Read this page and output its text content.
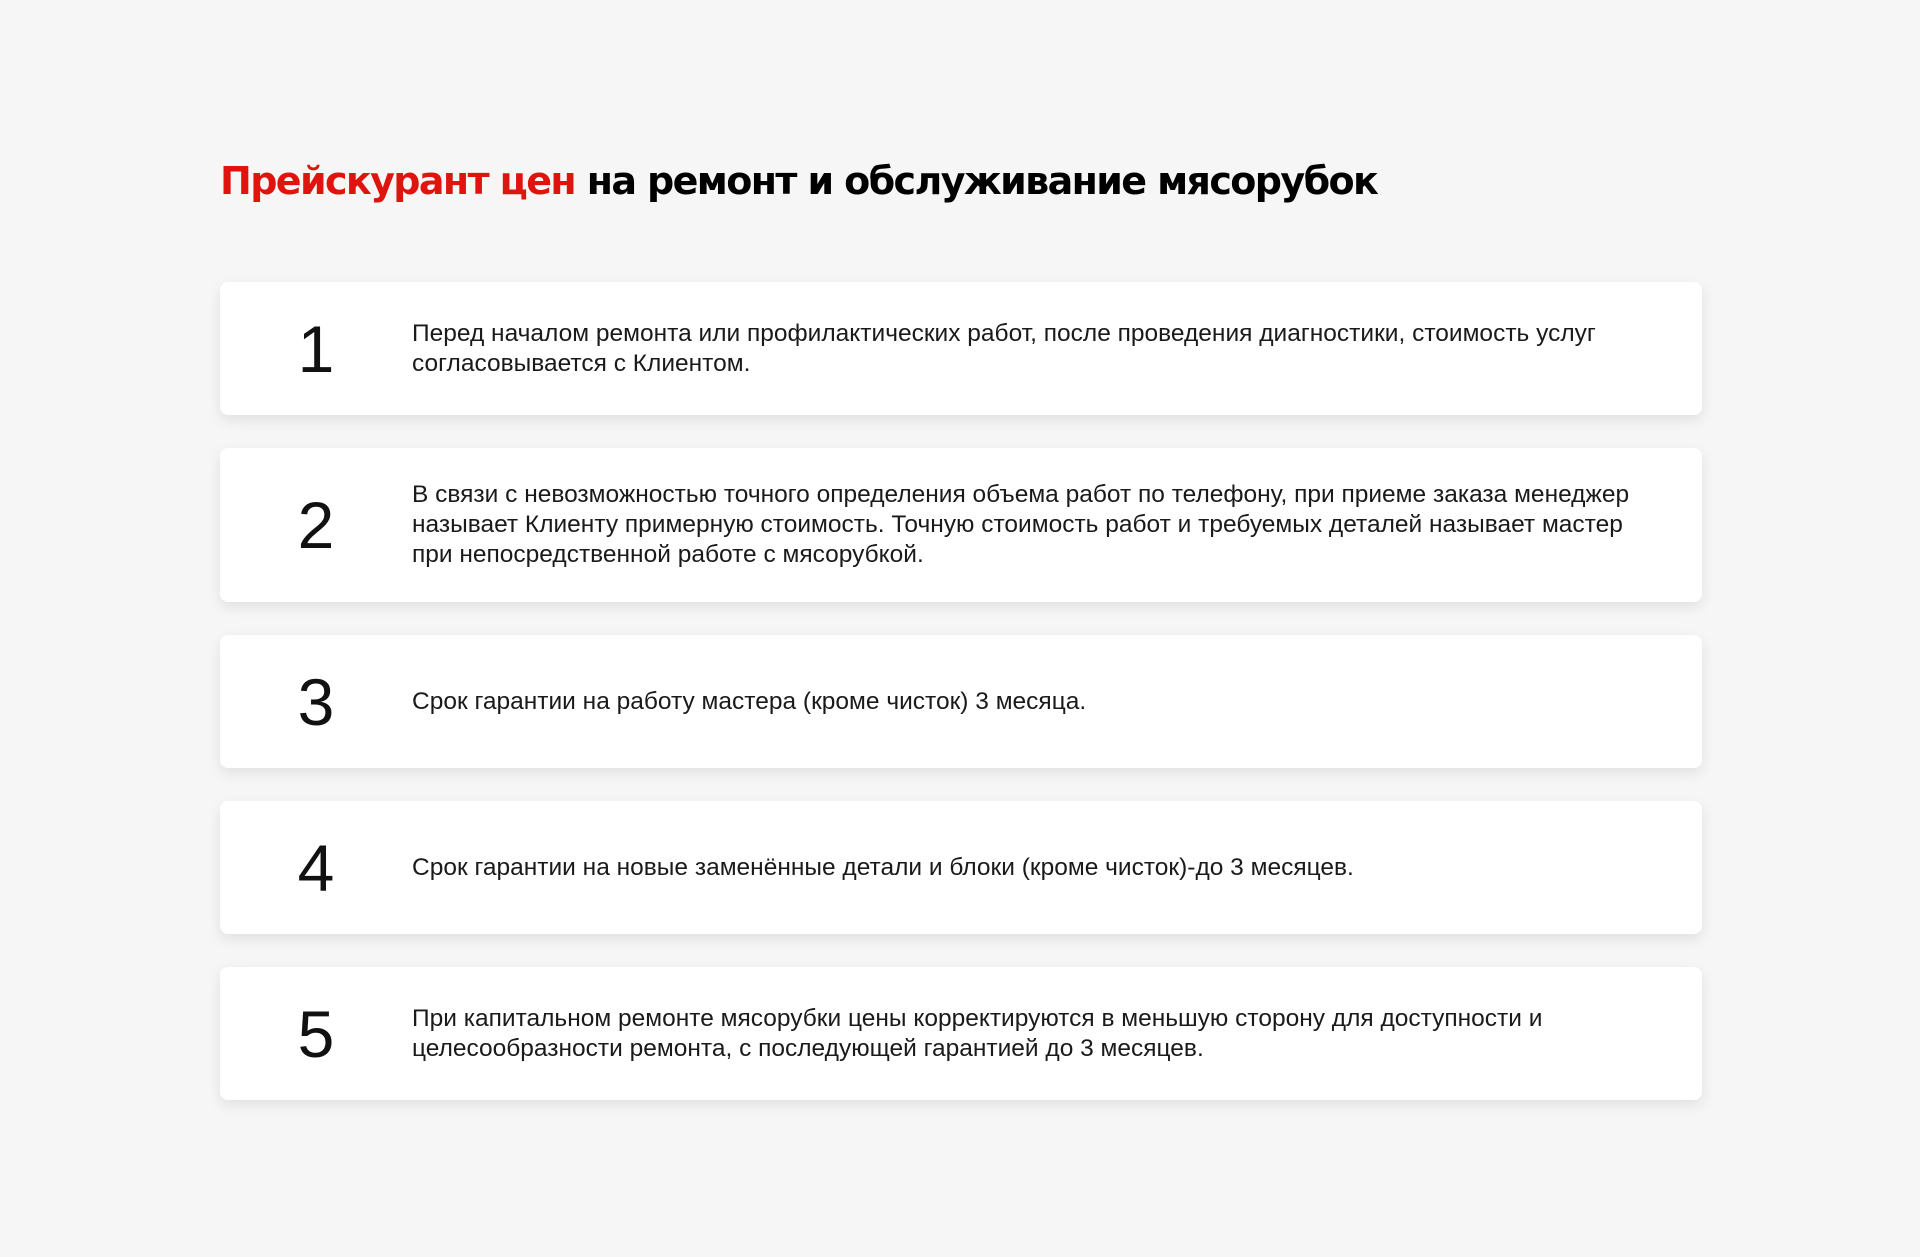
Прейскурант цен на ремонт и обслуживание мясорубок
1	Перед началом ремонта или профилактических работ, после проведения диагностики, стоимость услуг согласовывается с Клиентом.

2	В связи с невозможностью точного определения объема работ по телефону, при приеме заказа менеджер называет Клиенту примерную стоимость. Точную стоимость работ и требуемых деталей называет мастер при непосредственной работе с мясорубкой.

3	Срок гарантии на работу мастера (кроме чисток) 3 месяца.

4	Срок гарантии на новые заменённые детали и блоки (кроме чисток)-до 3 месяцев.

5	При капитальном ремонте мясорубки цены корректируются в меньшую сторону для доступности и целесообразности ремонта, с последующей гарантией до 3 месяцев.
